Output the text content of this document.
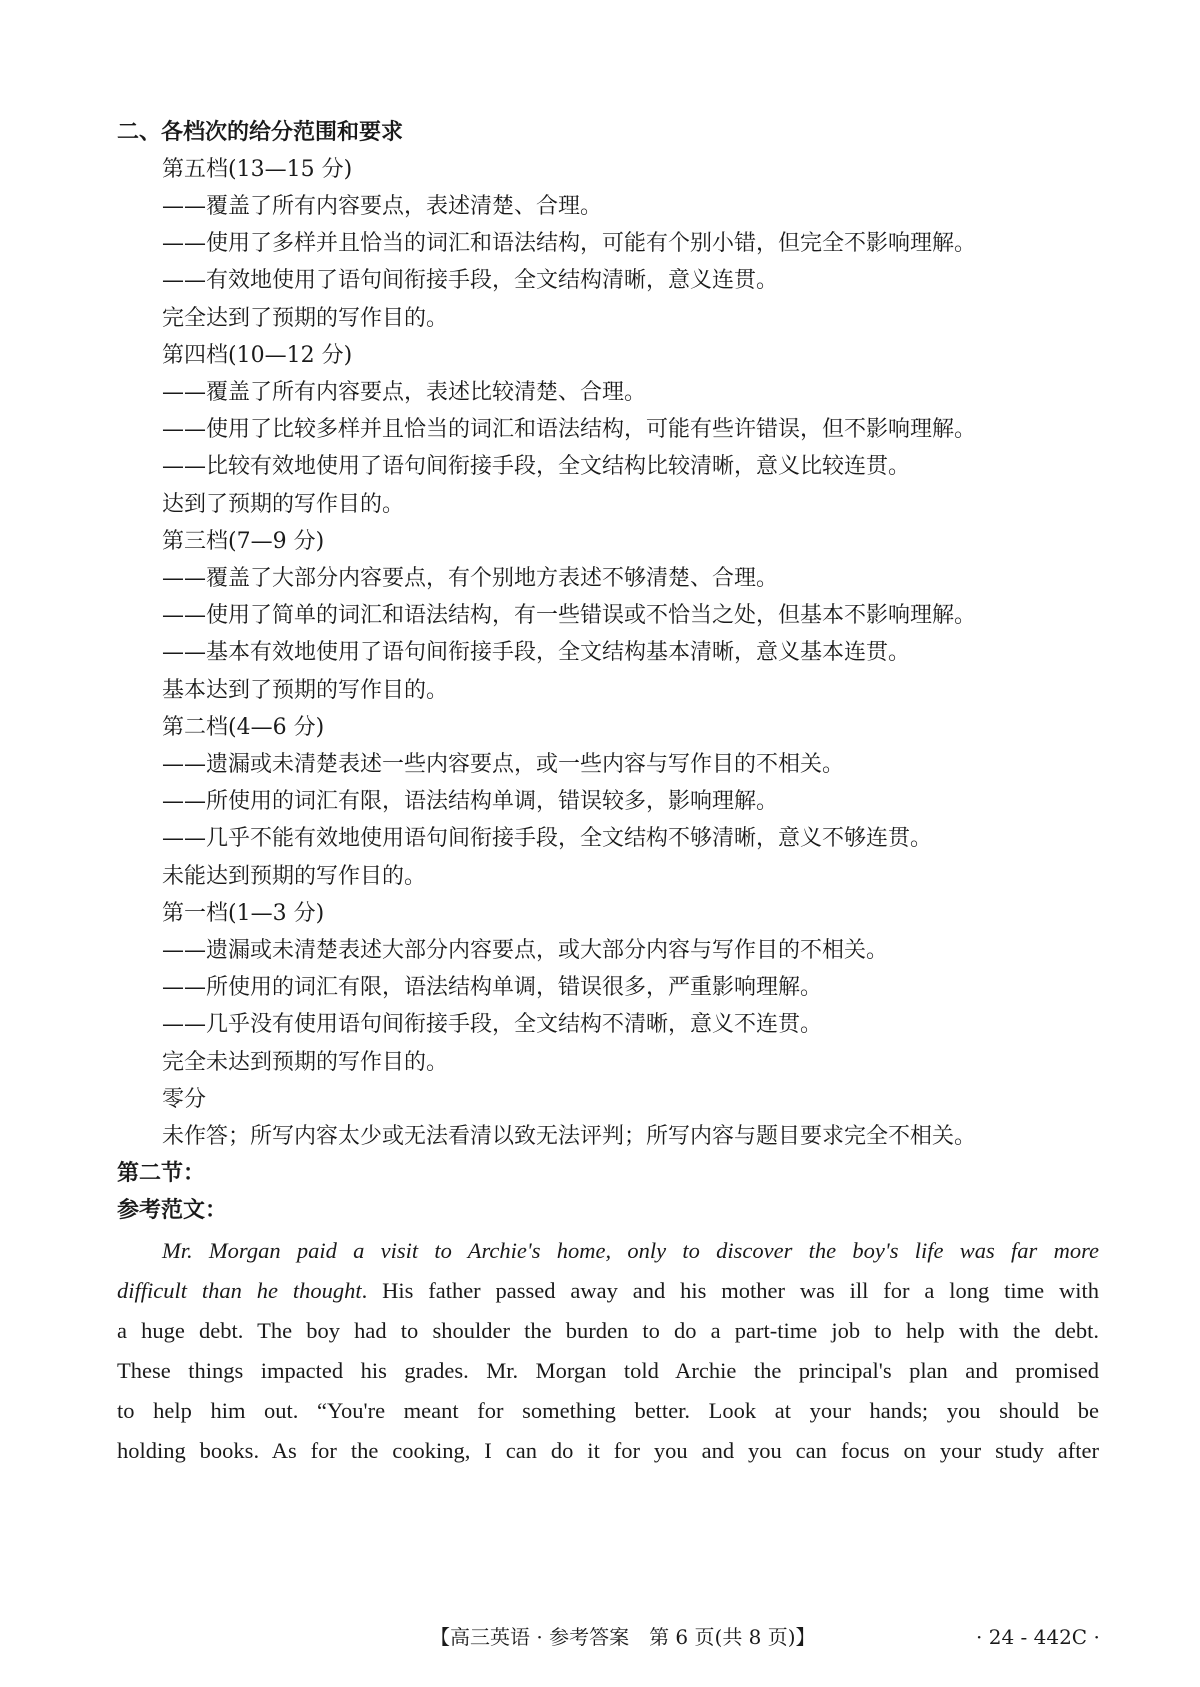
二、各档次的给分范围和要求
第五档(13—15 分)
——覆盖了所有内容要点，表述清楚、合理。
——使用了多样并且恰当的词汇和语法结构，可能有个别小错，但完全不影响理解。
——有效地使用了语句间衔接手段，全文结构清晰，意义连贯。
完全达到了预期的写作目的。
第四档(10—12 分)
——覆盖了所有内容要点，表述比较清楚、合理。
——使用了比较多样并且恰当的词汇和语法结构，可能有些许错误，但不影响理解。
——比较有效地使用了语句间衔接手段，全文结构比较清晰，意义比较连贯。
达到了预期的写作目的。
第三档(7—9 分)
——覆盖了大部分内容要点，有个别地方表述不够清楚、合理。
——使用了简单的词汇和语法结构，有一些错误或不恰当之处，但基本不影响理解。
——基本有效地使用了语句间衔接手段，全文结构基本清晰，意义基本连贯。
基本达到了预期的写作目的。
第二档(4—6 分)
——遗漏或未清楚表述一些内容要点，或一些内容与写作目的不相关。
——所使用的词汇有限，语法结构单调，错误较多，影响理解。
——几乎不能有效地使用语句间衔接手段，全文结构不够清晰，意义不够连贯。
未能达到预期的写作目的。
第一档(1—3 分)
——遗漏或未清楚表述大部分内容要点，或大部分内容与写作目的不相关。
——所使用的词汇有限，语法结构单调，错误很多，严重影响理解。
——几乎没有使用语句间衔接手段，全文结构不清晰，意义不连贯。
完全未达到预期的写作目的。
零分
未作答；所写内容太少或无法看清以致无法评判；所写内容与题目要求完全不相关。
第二节：
参考范文：
Mr. Morgan paid a visit to Archie's home, only to discover the boy's life was far more
difficult than he thought. His father passed away and his mother was ill for a long time with
a huge debt. The boy had to shoulder the burden to do a part-time job to help with the debt.
These things impacted his grades. Mr. Morgan told Archie the principal's plan and promised
to help him out. “You're meant for something better. Look at your hands; you should be
holding books. As for the cooking, I can do it for you and you can focus on your study after
【高三英语 · 参考答案　第 6 页(共 8 页)】	· 24 - 442C ·
